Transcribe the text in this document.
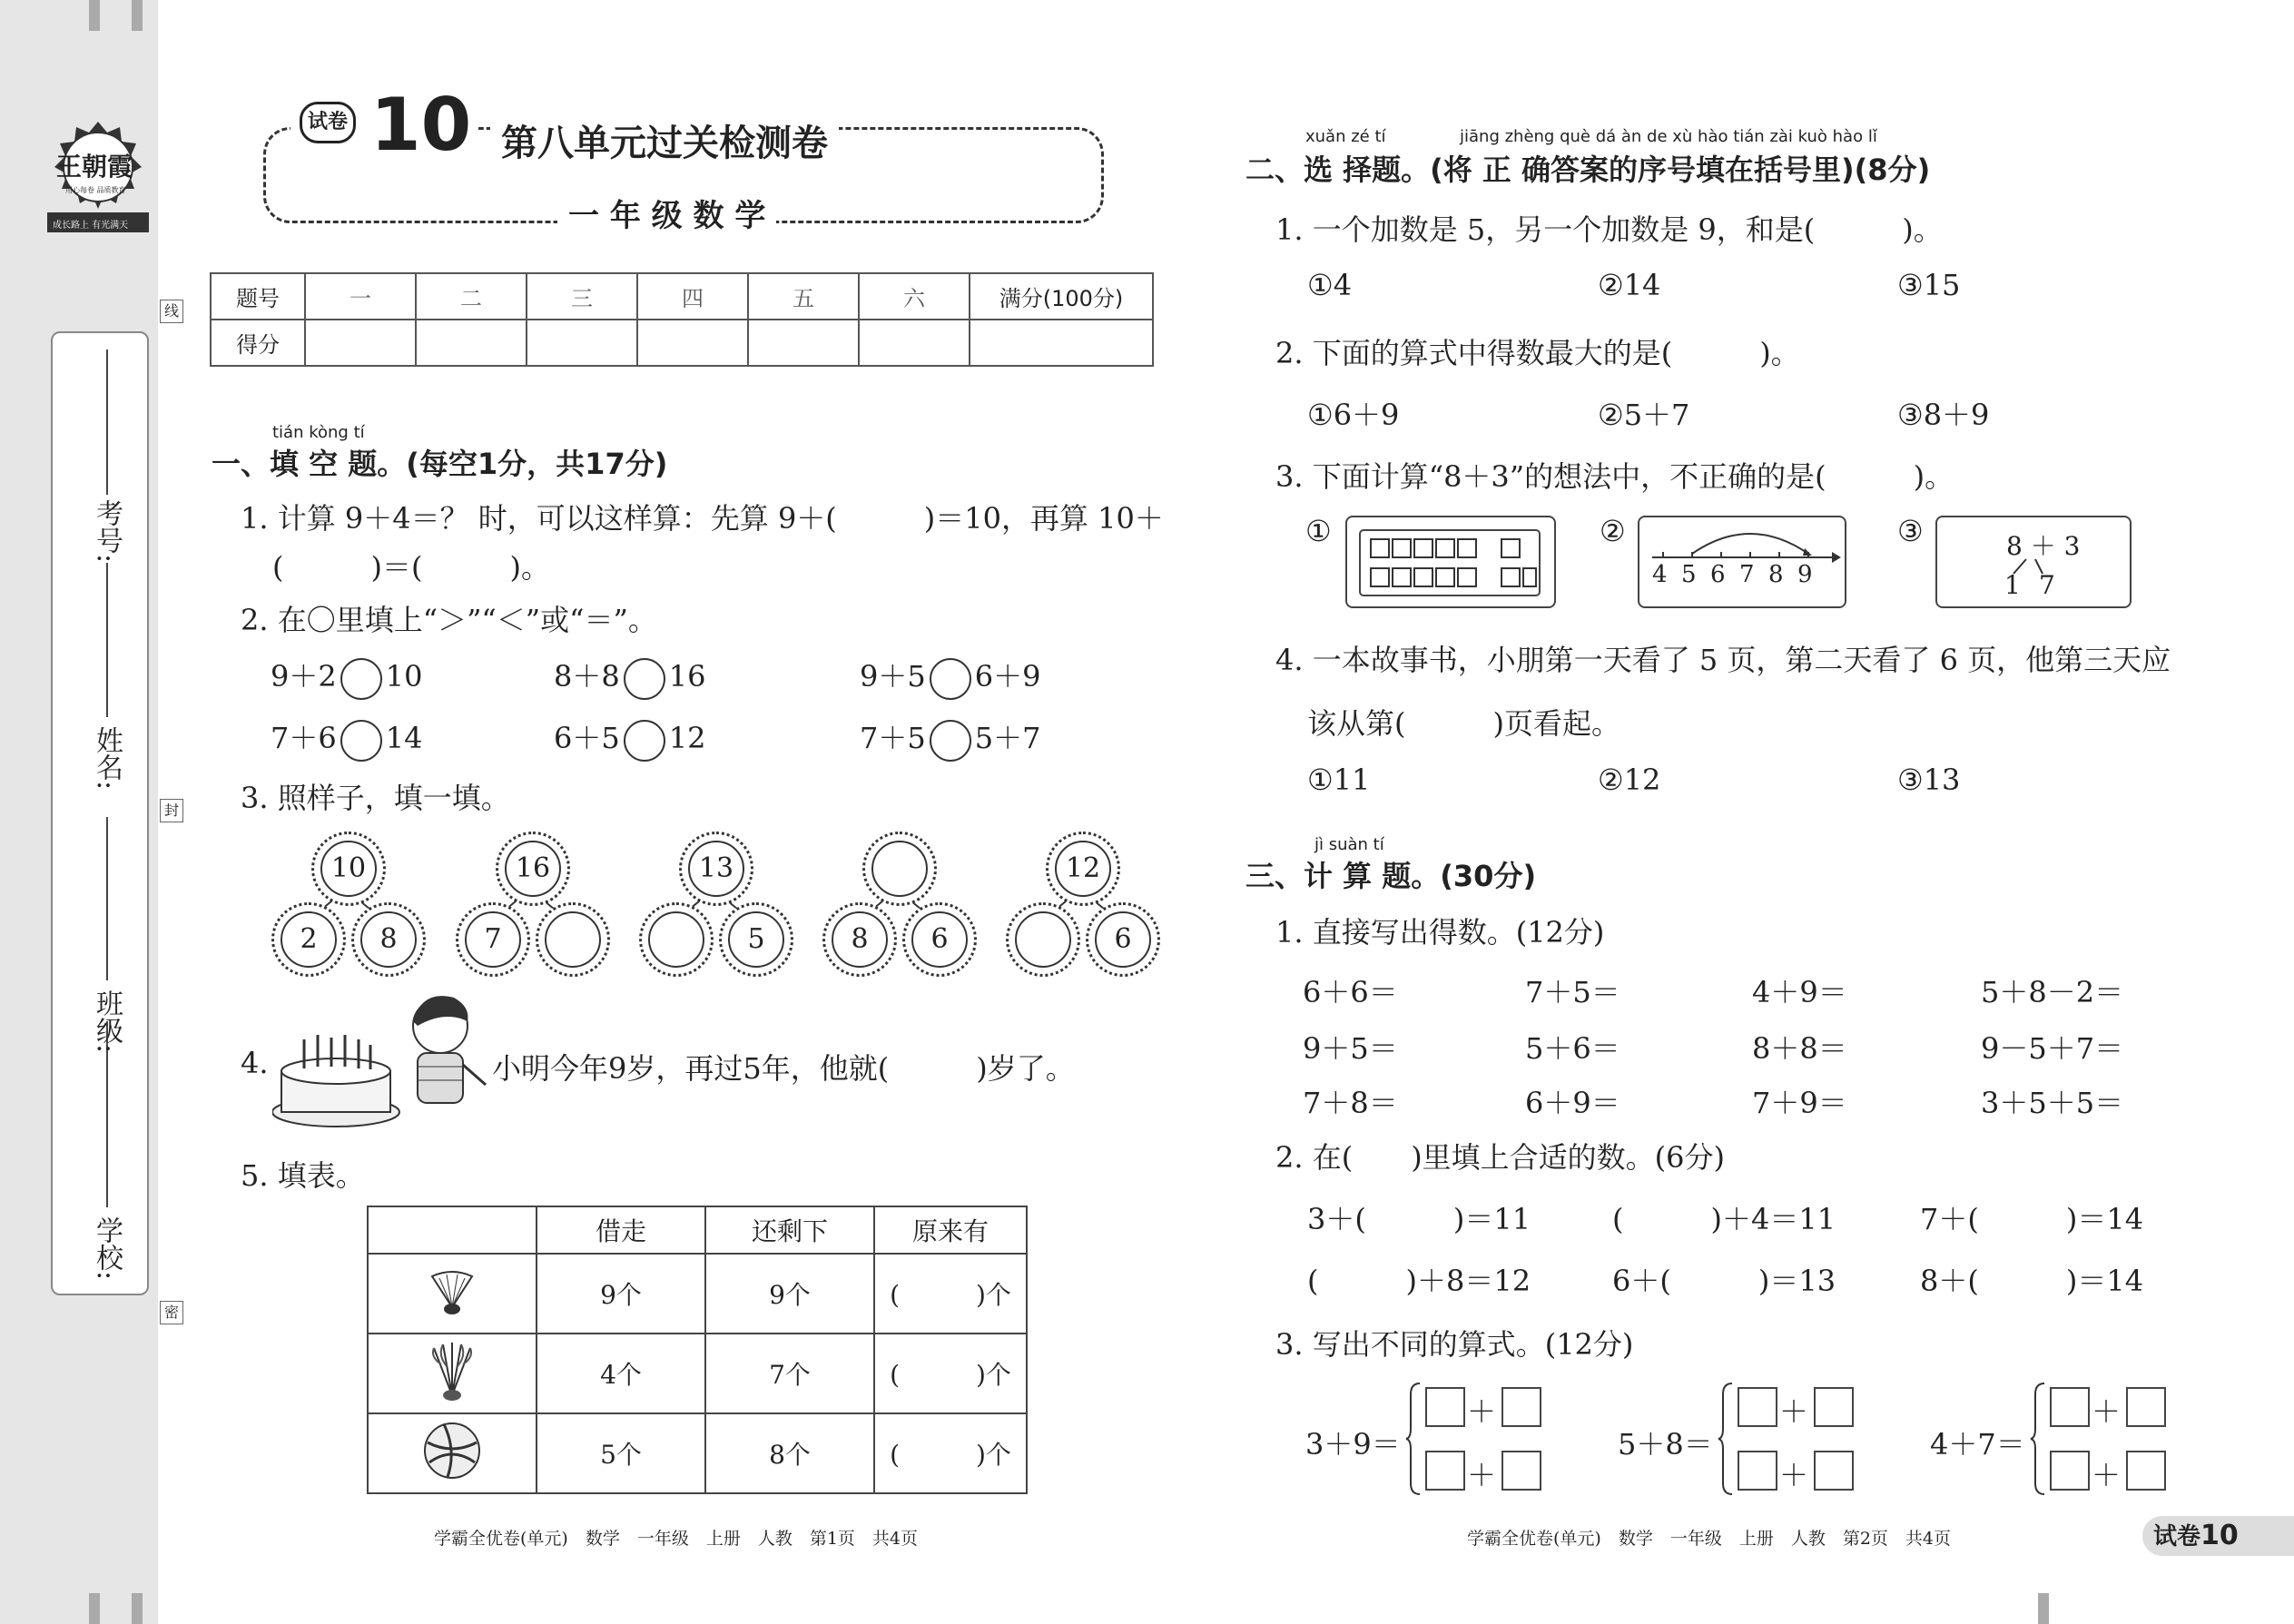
王朝霞
用心每卷 品质教育
成长路上 有光满天
线
封
密
学校:
班级:
姓名:
考号:
试卷 10 第八单元过关检测卷
一 年 级 数 学
题号	一	二	三	四	五	六	满分(100分)
得分							
tián kòng tí
一、填 空 题。(每空1分，共17分)
1. 计算 9＋4＝？ 时，可以这样算：先算 9＋(　　　)＝10，再算 10＋
(　　　)＝(　　　)。
2. 在〇里填上“＞”“＜”或“＝”。
9＋2 10	8＋8 16	9＋5 6＋9
7＋6 14	6＋5 12	7＋5 5＋7
3. 照样子，填一填。
10
2	8
16
7
13
5	8	6
12
6
4.	小明今年9岁，再过5年，他就(　　　)岁了。
5. 填表。
	借走	还剩下	原来有
	9个	9个	(　　　)个
	4个	7个	(　　　)个
	5个	8个	(　　　)个
学霸全优卷(单元)　数学　一年级　上册　人教　第1页　共4页
xuǎn zé tí	jiāng zhèng què dá àn de xù hào tián zài kuò hào lǐ
二、选 择题。(将 正 确答案的序号填在括号里)(8分)
1. 一个加数是 5，另一个加数是 9，和是(　　　)。
①4	②14	③15
2. 下面的算式中得数最大的是(　　　)。
①6＋9	②5＋7	③8＋9
3. 下面计算“8＋3”的想法中，不正确的是(　　　)。
①	②
4 5 6 7 8 9
③	8 ＋ 3
1 7
4. 一本故事书，小朋第一天看了 5 页，第二天看了 6 页，他第三天应
该从第(　　　)页看起。
①11	②12	③13
jì suàn tí
三、计 算 题。(30分)
1. 直接写出得数。(12分)
6＋6＝	7＋5＝	4＋9＝	5＋8－2＝
9＋5＝	5＋6＝	8＋8＝	9－5＋7＝
7＋8＝	6＋9＝	7＋9＝	3＋5＋5＝
2. 在(　　)里填上合适的数。(6分)
3＋(　　　)＝11	(　　　)＋4＝11	7＋(　　　)＝14
(　　　)＋8＝12	6＋(　　　)＝13	8＋(　　　)＝14
3. 写出不同的算式。(12分)
3＋9＝
＋
＋
5＋8＝
＋
＋
4＋7＝
＋
＋
学霸全优卷(单元)　数学　一年级　上册　人教　第2页　共4页	试卷10
